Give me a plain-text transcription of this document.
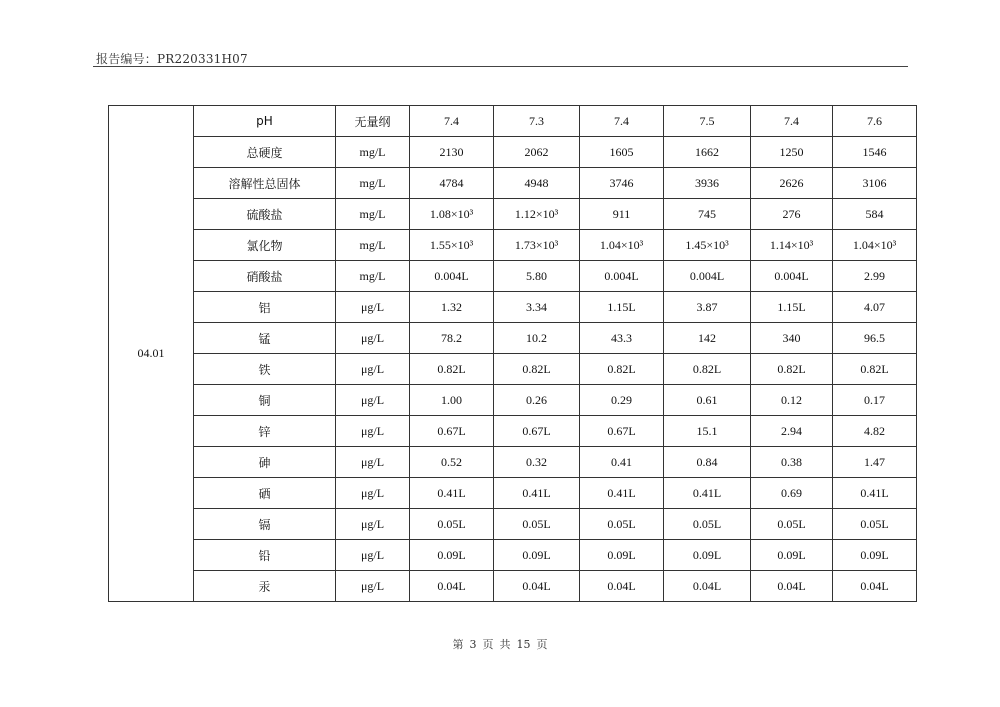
报告编号：PR220331H07
04.01	pH	无量纲	7.4	7.3	7.4	7.5	7.4	7.6
	总硬度	mg/L	2130	2062	1605	1662	1250	1546
	溶解性总固体	mg/L	4784	4948	3746	3936	2626	3106
	硫酸盐	mg/L	1.08×10³	1.12×10³	911	745	276	584
	氯化物	mg/L	1.55×10³	1.73×10³	1.04×10³	1.45×10³	1.14×10³	1.04×10³
	硝酸盐	mg/L	0.004L	5.80	0.004L	0.004L	0.004L	2.99
	铝	μg/L	1.32	3.34	1.15L	3.87	1.15L	4.07
	锰	μg/L	78.2	10.2	43.3	142	340	96.5
	铁	μg/L	0.82L	0.82L	0.82L	0.82L	0.82L	0.82L
	铜	μg/L	1.00	0.26	0.29	0.61	0.12	0.17
	锌	μg/L	0.67L	0.67L	0.67L	15.1	2.94	4.82
	砷	μg/L	0.52	0.32	0.41	0.84	0.38	1.47
	硒	μg/L	0.41L	0.41L	0.41L	0.41L	0.69	0.41L
	镉	μg/L	0.05L	0.05L	0.05L	0.05L	0.05L	0.05L
	铅	μg/L	0.09L	0.09L	0.09L	0.09L	0.09L	0.09L
	汞	μg/L	0.04L	0.04L	0.04L	0.04L	0.04L	0.04L
第 3 页 共 15 页
